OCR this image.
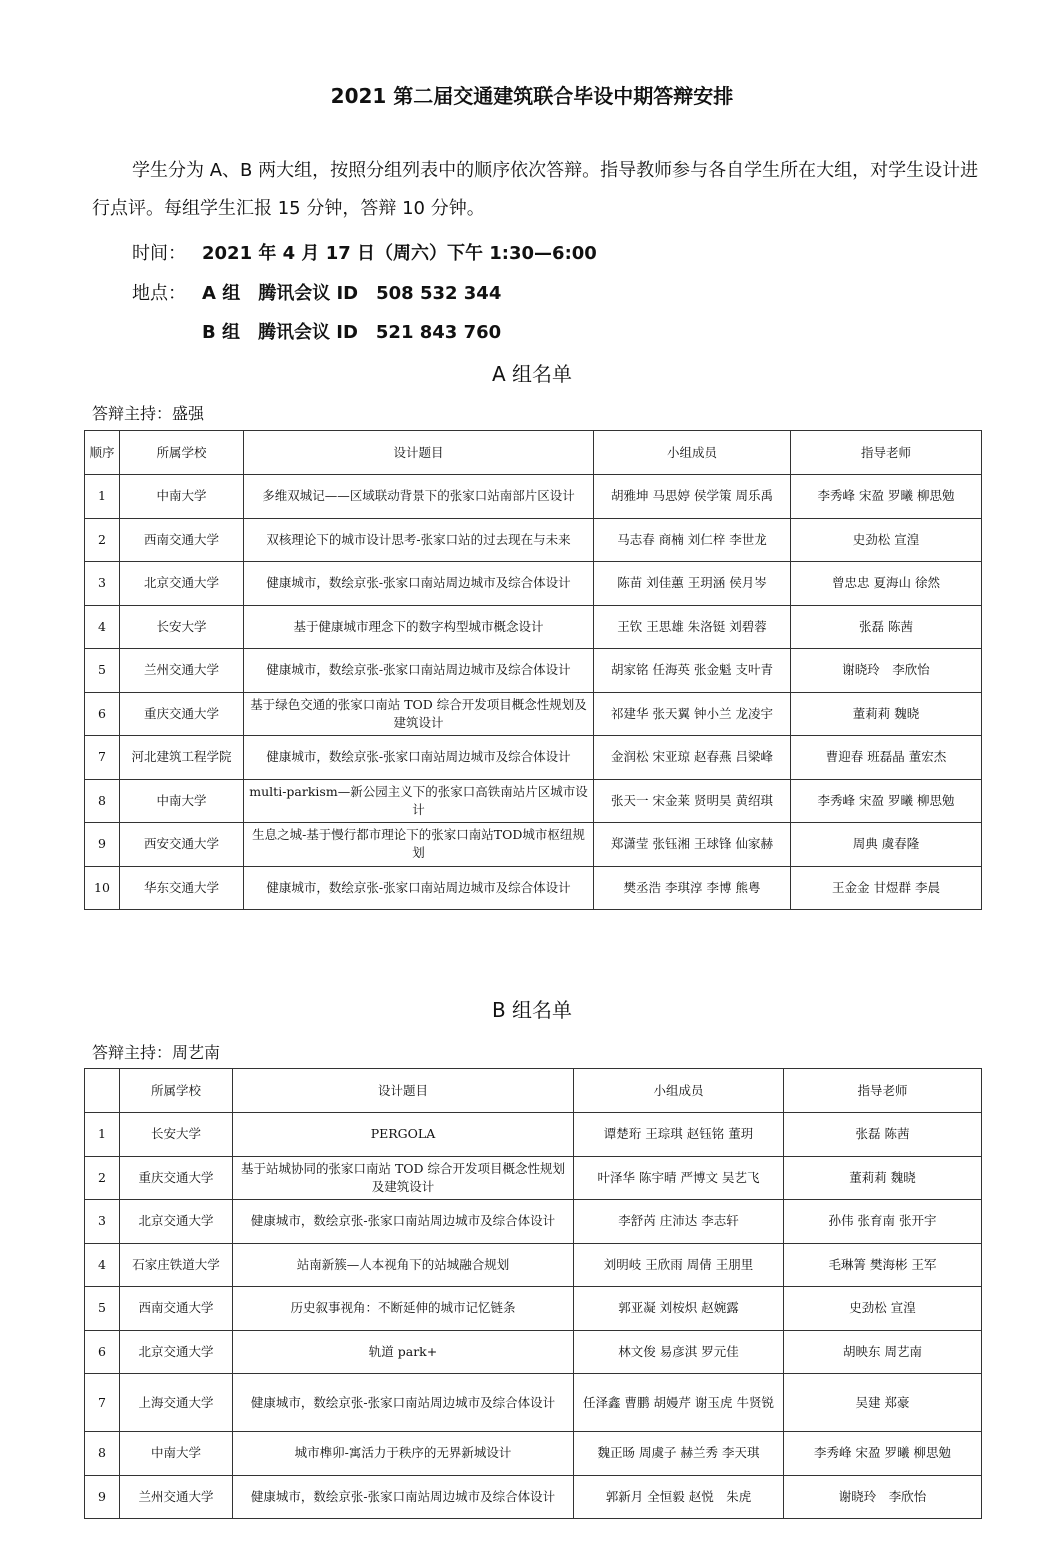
2021 第二届交通建筑联合毕设中期答辩安排
学生分为 A、B 两大组，按照分组列表中的顺序依次答辩。指导教师参与各自学生所在大组，对学生设计进行点评。每组学生汇报 15 分钟，答辩 10 分钟。
时间： 2021 年 4 月 17 日（周六）下午 1:30—6:00
地点： A 组　腾讯会议 ID　508 532 344
B 组　腾讯会议 ID　521 843 760
A 组名单
答辩主持：盛强
顺序	所属学校	设计题目	小组成员	指导老师
1	中南大学	多维双城记——区域联动背景下的张家口站南部片区设计	胡雅坤 马思婷 侯学策 周乐禹	李秀峰 宋盈 罗曦 柳思勉
2	西南交通大学	双核理论下的城市设计思考-张家口站的过去现在与未来	马志春 商楠 刘仁梓 李世龙	史劲松 宣湟
3	北京交通大学	健康城市，数绘京张-张家口南站周边城市及综合体设计	陈苗 刘佳蕙 王玥涵 侯月岑	曾忠忠 夏海山 徐然
4	长安大学	基于健康城市理念下的数字构型城市概念设计	王钦 王思雄 朱洛铤 刘碧蓉	张磊 陈茜
5	兰州交通大学	健康城市，数绘京张-张家口南站周边城市及综合体设计	胡家铭 任海英 张金魁 支叶青	谢晓玲　李欣怡
6	重庆交通大学	基于绿色交通的张家口南站 TOD 综合开发项目概念性规划及建筑设计	祁建华 张天翼 钟小兰 龙凌宇	董莉莉 魏晓
7	河北建筑工程学院	健康城市，数绘京张-张家口南站周边城市及综合体设计	金润松 宋亚琼 赵春燕 吕梁峰	曹迎春 班磊晶 董宏杰
8	中南大学	multi-parkism—新公园主义下的张家口高铁南站片区城市设计	张天一 宋金莱 贤明昊 黄绍琪	李秀峰 宋盈 罗曦 柳思勉
9	西安交通大学	生息之城-基于慢行都市理论下的张家口南站TOD城市枢纽规划	郑潇莹 张钰湘 王球锋 仙家赫	周典 虞春隆
10	华东交通大学	健康城市，数绘京张-张家口南站周边城市及综合体设计	樊丞浩 李琪淳 李博 熊粤	王金金 甘煜群 李晨
B 组名单
答辩主持：周艺南
	所属学校	设计题目	小组成员	指导老师
1	长安大学	PERGOLA	谭楚珩 王琮琪 赵钰铭 董玥	张磊 陈茜
2	重庆交通大学	基于站城协同的张家口南站 TOD 综合开发项目概念性规划及建筑设计	叶泽华 陈宇晴 严博文 吴艺飞	董莉莉 魏晓
3	北京交通大学	健康城市，数绘京张-张家口南站周边城市及综合体设计	李舒芮 庄沛达 李志轩	孙伟 张育南 张开宇
4	石家庄铁道大学	站南新簇—人本视角下的站城融合规划	刘明岐 王欣雨 周倩 王朋里	毛琳箐 樊海彬 王军
5	西南交通大学	历史叙事视角：不断延伸的城市记忆链条	郭亚凝 刘桉炽 赵婉露	史劲松 宣湟
6	北京交通大学	轨道 park+	林文俊 易彦淇 罗元佳	胡映东 周艺南
7	上海交通大学	健康城市，数绘京张-张家口南站周边城市及综合体设计	任泽鑫 曹鹏 胡嫚芹 谢玉虎 牛贤锐	吴建 郑豪
8	中南大学	城市榫卯-寓活力于秩序的无界新城设计	魏正旸 周虞子 赫兰秀 李天琪	李秀峰 宋盈 罗曦 柳思勉
9	兰州交通大学	健康城市，数绘京张-张家口南站周边城市及综合体设计	郭新月 全恒毅 赵悦　朱虎	谢晓玲　李欣怡
